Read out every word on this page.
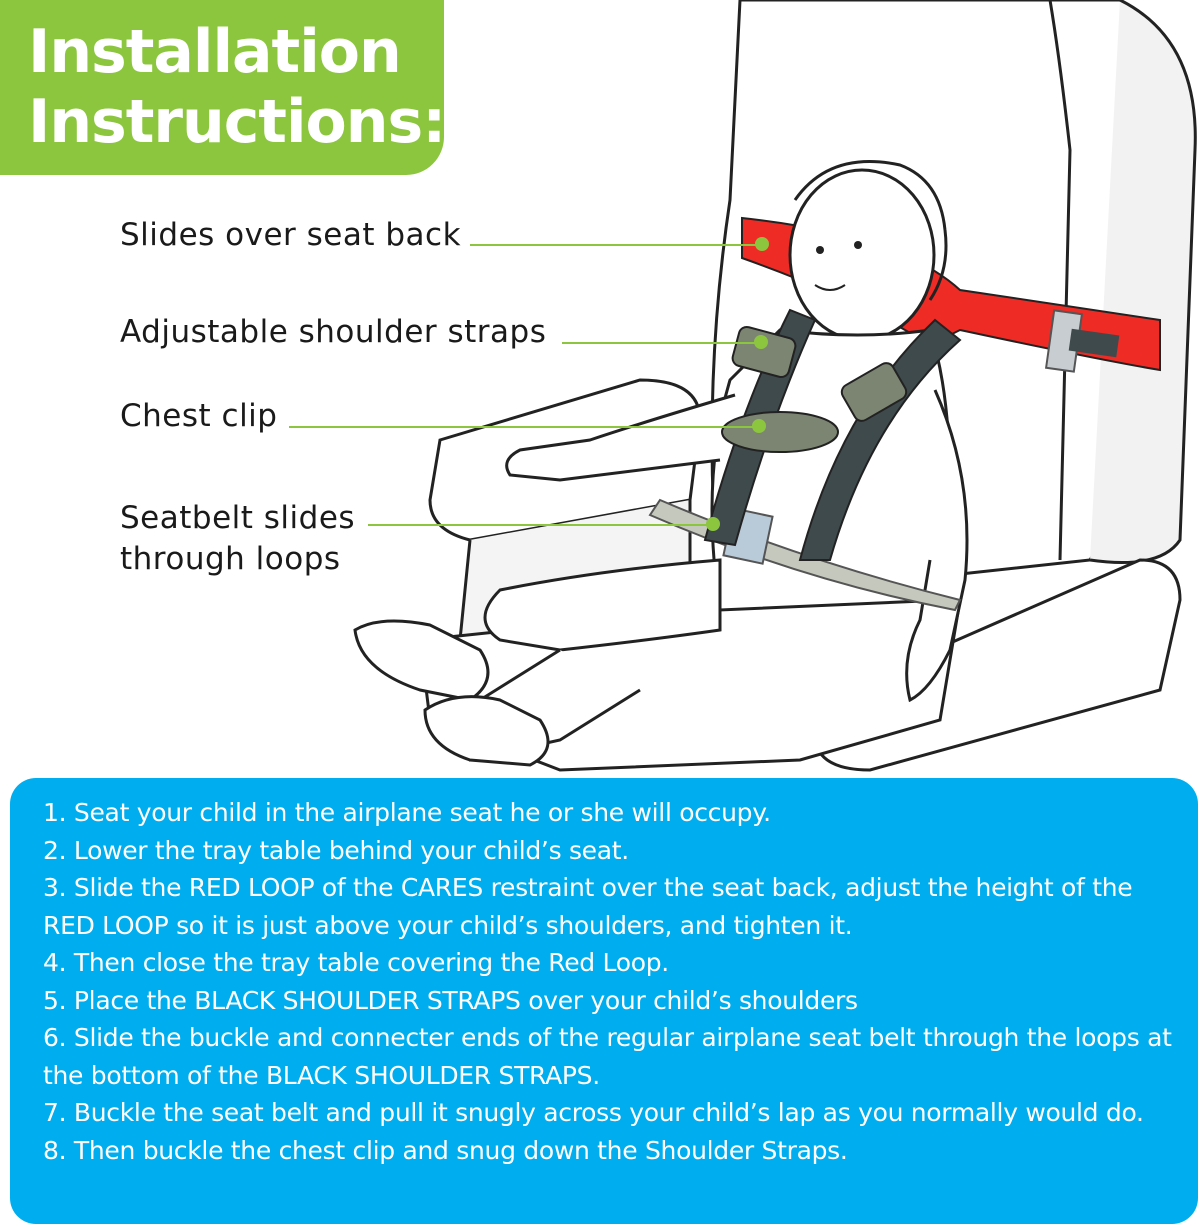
Installation
Instructions:
Slides over seat back
Adjustable shoulder straps
Chest clip
Seatbelt slides
through loops
1. Seat your child in the airplane seat he or she will occupy.
2. Lower the tray table behind your child’s seat.
3. Slide the RED LOOP of the CARES restraint over the seat back, adjust the height of the RED LOOP so it is just above your child’s shoulders, and tighten it.
4. Then close the tray table covering the Red Loop.
5. Place the BLACK SHOULDER STRAPS over your child’s shoulders
6. Slide the buckle and connecter ends of the regular airplane seat belt through the loops at the bottom of the BLACK SHOULDER STRAPS.
7. Buckle the seat belt and pull it snugly across your child’s lap as you normally would do.
8. Then buckle the chest clip and snug down the Shoulder Straps.
